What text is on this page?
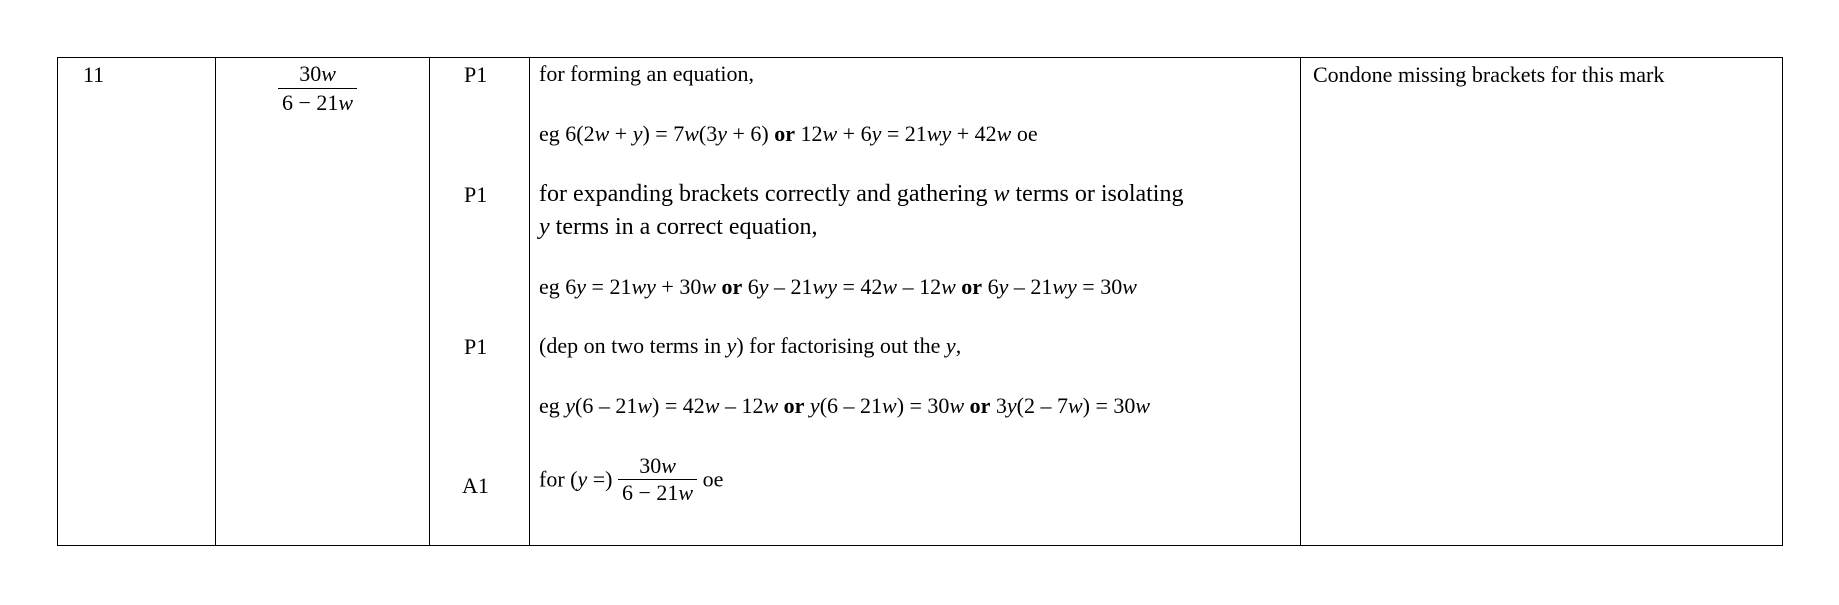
11	$\frac{30w}{6 - 21w}$	P1
P1
P1
A1
Condone missing brackets for this mark
for forming an equation,
eg 6(2w + y) = 7w(3y + 6) or 12w + 6y = 21wy + 42w oe
for expanding brackets correctly and gathering w terms or isolating
y terms in a correct equation,
eg 6y = 21wy + 30w or 6y – 21wy = 42w – 12w or 6y – 21wy = 30w
(dep on two terms in y) for factorising out the y,
eg y(6 – 21w) = 42w – 12w or y(6 – 21w) = 30w or 3y(2 – 7w) = 30w
for (y =) $\frac{30w}{6 - 21w}$ oe
